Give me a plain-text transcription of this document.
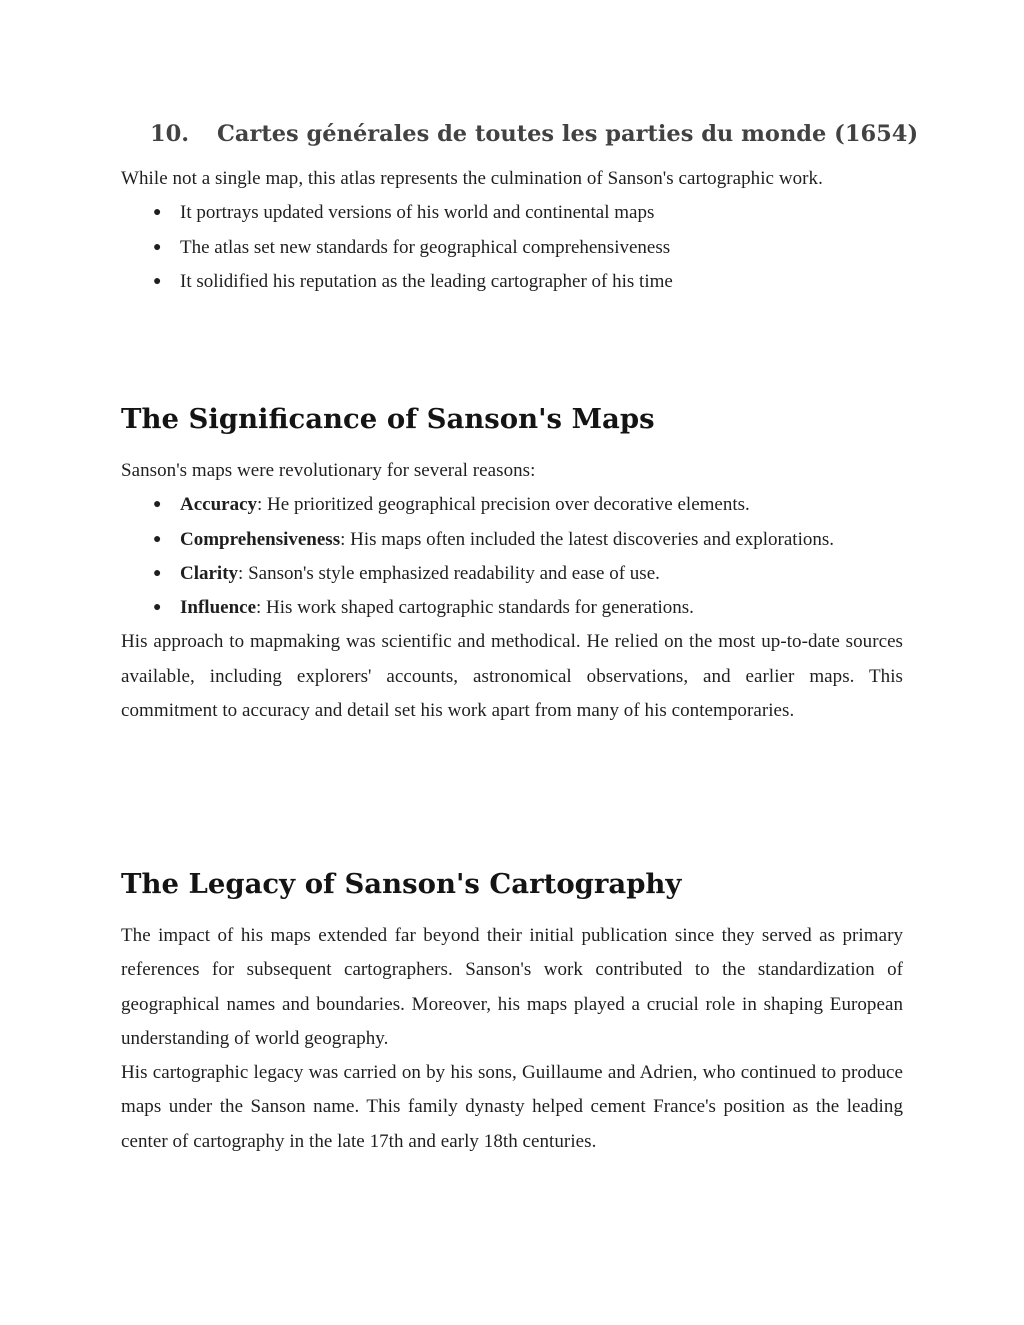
10. Cartes générales de toutes les parties du monde (1654)

While not a single map, this atlas represents the culmination of Sanson's cartographic work.

● It portrays updated versions of his world and continental maps
● The atlas set new standards for geographical comprehensiveness
● It solidified his reputation as the leading cartographer of his time
The Significance of Sanson's Maps

Sanson's maps were revolutionary for several reasons:

● Accuracy: He prioritized geographical precision over decorative elements.
● Comprehensiveness: His maps often included the latest discoveries and explorations.
● Clarity: Sanson's style emphasized readability and ease of use.
● Influence: His work shaped cartographic standards for generations.

His approach to mapmaking was scientific and methodical. He relied on the most up-to-date sources available, including explorers' accounts, astronomical observations, and earlier maps. This commitment to accuracy and detail set his work apart from many of his contemporaries.

The Legacy of Sanson's Cartography

The impact of his maps extended far beyond their initial publication since they served as primary references for subsequent cartographers. Sanson's work contributed to the standardization of geographical names and boundaries. Moreover, his maps played a crucial role in shaping European understanding of world geography.

His cartographic legacy was carried on by his sons, Guillaume and Adrien, who continued to produce maps under the Sanson name. This family dynasty helped cement France's position as the leading center of cartography in the late 17th and early 18th centuries.
